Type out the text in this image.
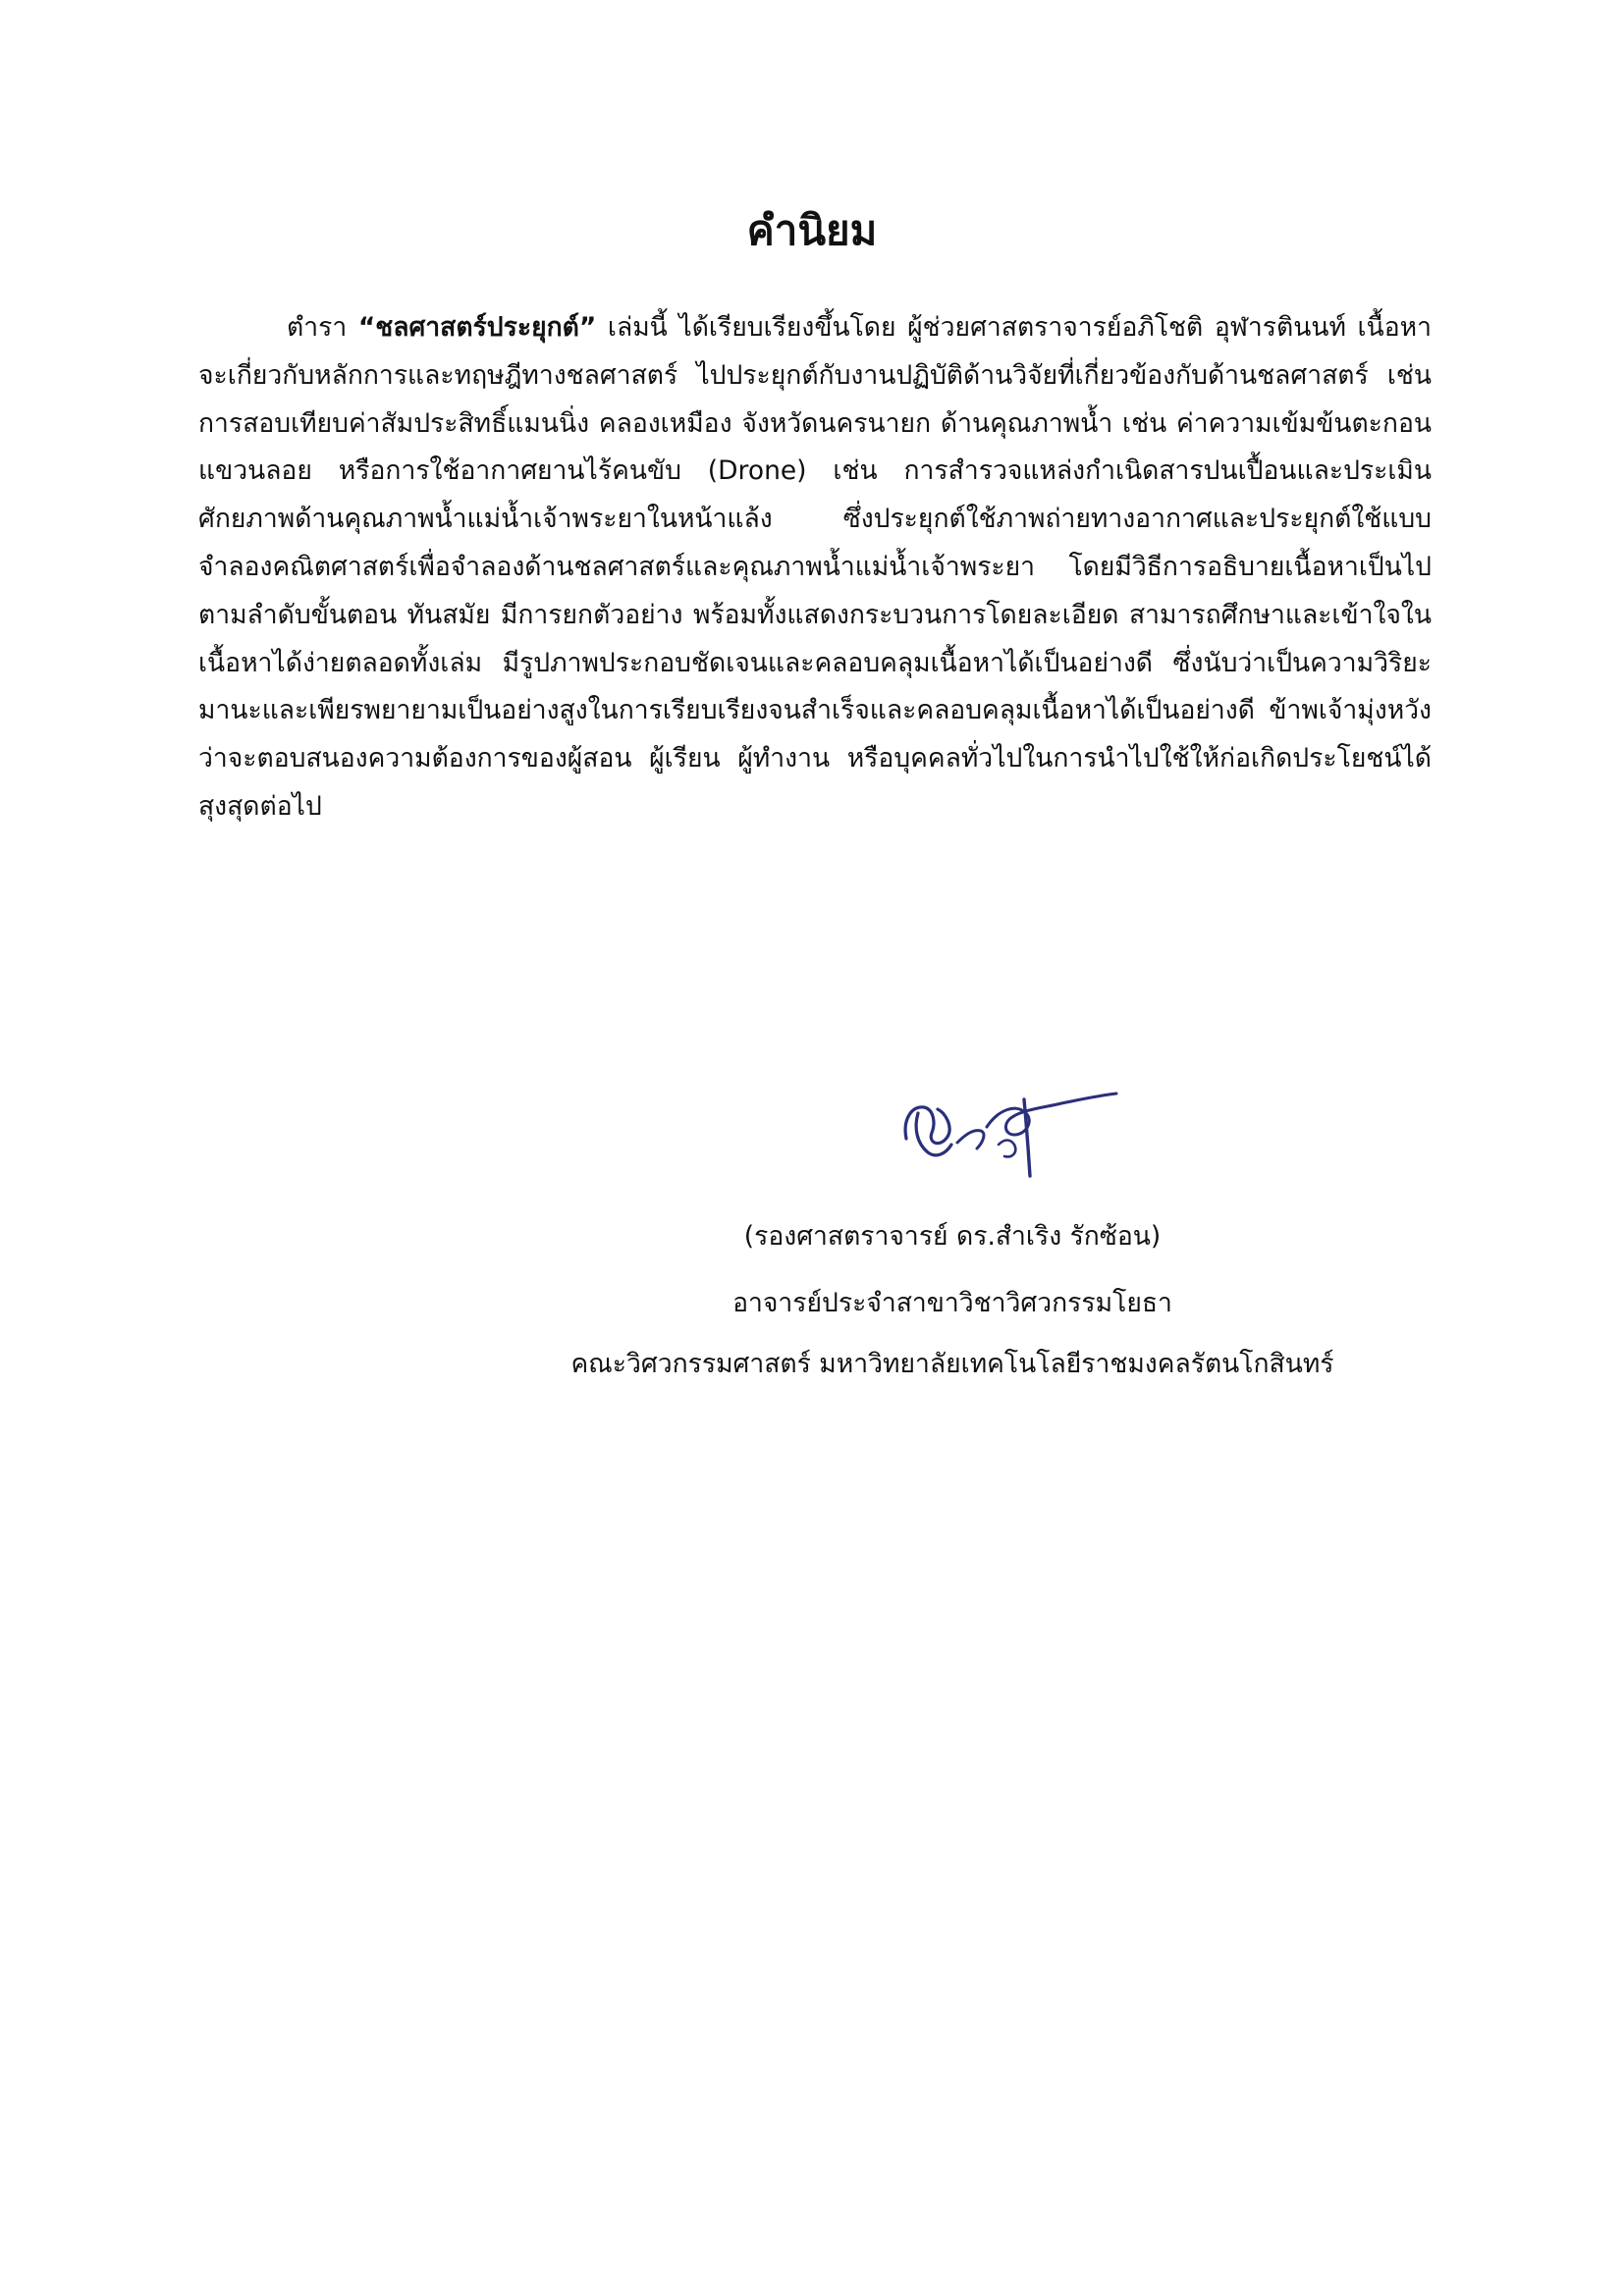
คำนิยม

ตำรา “ชลศาสตร์ประยุกต์” เล่มนี้ ได้เรียบเรียงขึ้นโดย ผู้ช่วยศาสตราจารย์อภิโชติ อุฬารตินนท์ เนื้อหาจะเกี่ยวกับหลักการและทฤษฎีทางชลศาสตร์ ไปประยุกต์กับงานปฏิบัติด้านวิจัยที่เกี่ยวข้องกับด้านชลศาสตร์ เช่น การสอบเทียบค่าสัมประสิทธิ์แมนนิ่ง คลองเหมือง จังหวัดนครนายก ด้านคุณภาพน้ำ เช่น ค่าความเข้มข้นตะกอนแขวนลอย หรือการใช้อากาศยานไร้คนขับ (Drone) เช่น การสำรวจแหล่งกำเนิดสารปนเปื้อนและประเมินศักยภาพด้านคุณภาพน้ำแม่น้ำเจ้าพระยาในหน้าแล้ง ซึ่งประยุกต์ใช้ภาพถ่ายทางอากาศและประยุกต์ใช้แบบจำลองคณิตศาสตร์เพื่อจำลองด้านชลศาสตร์และคุณภาพน้ำแม่น้ำเจ้าพระยา โดยมีวิธีการอธิบายเนื้อหาเป็นไปตามลำดับขั้นตอน ทันสมัย มีการยกตัวอย่าง พร้อมทั้งแสดงกระบวนการโดยละเอียด สามารถศึกษาและเข้าใจในเนื้อหาได้ง่ายตลอดทั้งเล่ม มีรูปภาพประกอบชัดเจนและคลอบคลุมเนื้อหาได้เป็นอย่างดี ซึ่งนับว่าเป็นความวิริยะ มานะและเพียรพยายามเป็นอย่างสูงในการเรียบเรียงจนสำเร็จและคลอบคลุมเนื้อหาได้เป็นอย่างดี ข้าพเจ้ามุ่งหวังว่าจะตอบสนองความต้องการของผู้สอน ผู้เรียน ผู้ทำงาน หรือบุคคลทั่วไปในการนำไปใช้ให้ก่อเกิดประโยชน์ได้สุงสุดต่อไป

(รองศาสตราจารย์ ดร.สำเริง รักซ้อน)

อาจารย์ประจำสาขาวิชาวิศวกรรมโยธา

คณะวิศวกรรมศาสตร์ มหาวิทยาลัยเทคโนโลยีราชมงคลรัตนโกสินทร์
